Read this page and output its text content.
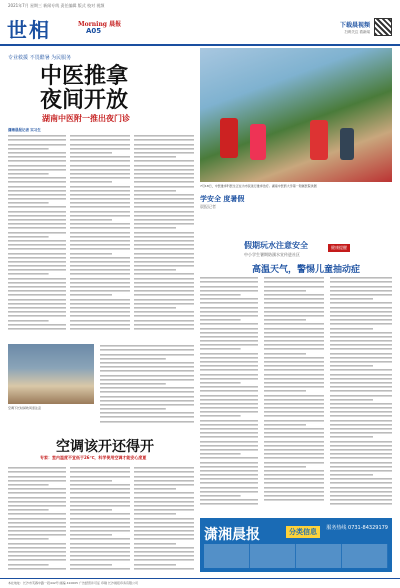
2021年7月 星期三 新闻专线 责任编辑 版式 校对 视频
世相	Morning 晨报
A05
下载晨视频
扫码关注 看新闻
专业救援 不畏酷暑 为民服务
中医推拿
夜间开放
湖南中医附一推出夜门诊
潇湘晨报记者 实习生
7月18日，中医推拿科医生正在为市民进行推拿治疗。湖南中医药大学第一附属医院供图
学安全 度暑假
晨报记者
假期玩水注意安全
中小学生暑期防溺水宣传进社区
健康提醒
高温天气，警惕儿童抽动症
空调下长时间吹风需注意
空调该开还得开
专家：室内温度不宜低于26℃，科学使用空调才能安心度夏
潇湘晨报	分类信息	服务热线 0731-84329179
本社地址：长沙市芙蓉中路一段442号 邮编 410005 广告经营许可证 印刷 长沙晨报印务有限公司
